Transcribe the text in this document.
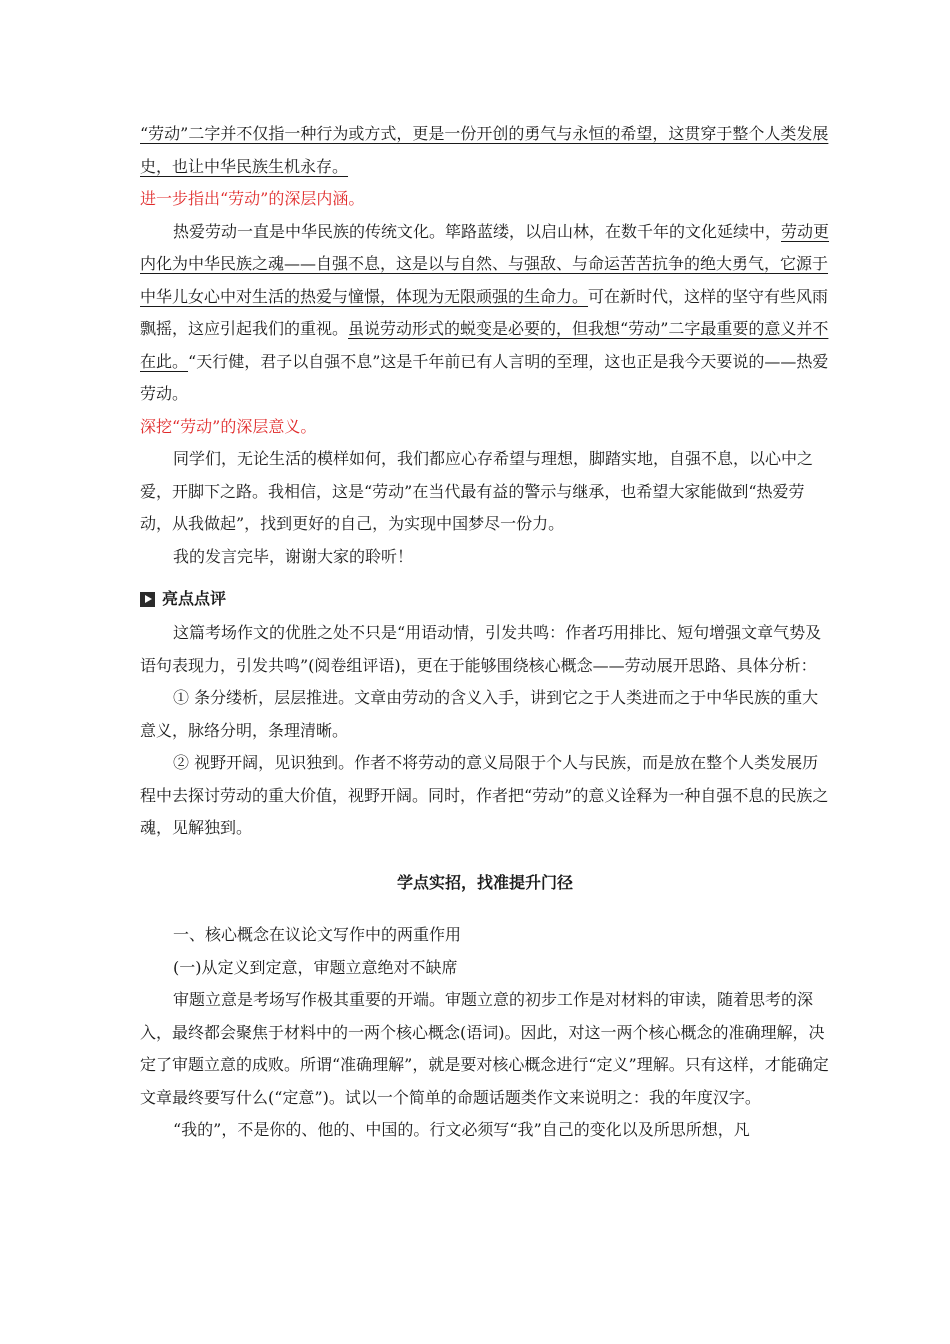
“劳动”二字并不仅指一种行为或方式，更是一份开创的勇气与永恒的希望，这贯穿于整个人类发展史，也让中华民族生机永存。

进一步指出“劳动”的深层内涵。

热爱劳动一直是中华民族的传统文化。筚路蓝缕，以启山林，在数千年的文化延续中，劳动更内化为中华民族之魂——自强不息，这是以与自然、与强敌、与命运苦苦抗争的绝大勇气，它源于中华儿女心中对生活的热爱与憧憬，体现为无限顽强的生命力。可在新时代，这样的坚守有些风雨飘摇，这应引起我们的重视。虽说劳动形式的蜕变是必要的，但我想“劳动”二字最重要的意义并不在此。“天行健，君子以自强不息”这是千年前已有人言明的至理，这也正是我今天要说的——热爱劳动。

深挖“劳动”的深层意义。

同学们，无论生活的模样如何，我们都应心存希望与理想，脚踏实地，自强不息，以心中之爱，开脚下之路。我相信，这是“劳动”在当代最有益的警示与继承，也希望大家能做到“热爱劳动，从我做起”，找到更好的自己，为实现中国梦尽一份力。

我的发言完毕，谢谢大家的聆听！

亮点点评

这篇考场作文的优胜之处不只是“用语动情，引发共鸣：作者巧用排比、短句增强文章气势及语句表现力，引发共鸣”(阅卷组评语)，更在于能够围绕核心概念——劳动展开思路、具体分析：

① 条分缕析，层层推进。文章由劳动的含义入手，讲到它之于人类进而之于中华民族的重大意义，脉络分明，条理清晰。

② 视野开阔，见识独到。作者不将劳动的意义局限于个人与民族，而是放在整个人类发展历程中去探讨劳动的重大价值，视野开阔。同时，作者把“劳动”的意义诠释为一种自强不息的民族之魂，见解独到。

学点实招，找准提升门径

一、核心概念在议论文写作中的两重作用

(一)从定义到定意，审题立意绝对不缺席

审题立意是考场写作极其重要的开端。审题立意的初步工作是对材料的审读，随着思考的深入，最终都会聚焦于材料中的一两个核心概念(语词)。因此，对这一两个核心概念的准确理解，决定了审题立意的成败。所谓“准确理解”，就是要对核心概念进行“定义”理解。只有这样，才能确定文章最终要写什么(“定意”)。试以一个简单的命题话题类作文来说明之：我的年度汉字。

“我的”，不是你的、他的、中国的。行文必须写“我”自己的变化以及所思所想，凡
